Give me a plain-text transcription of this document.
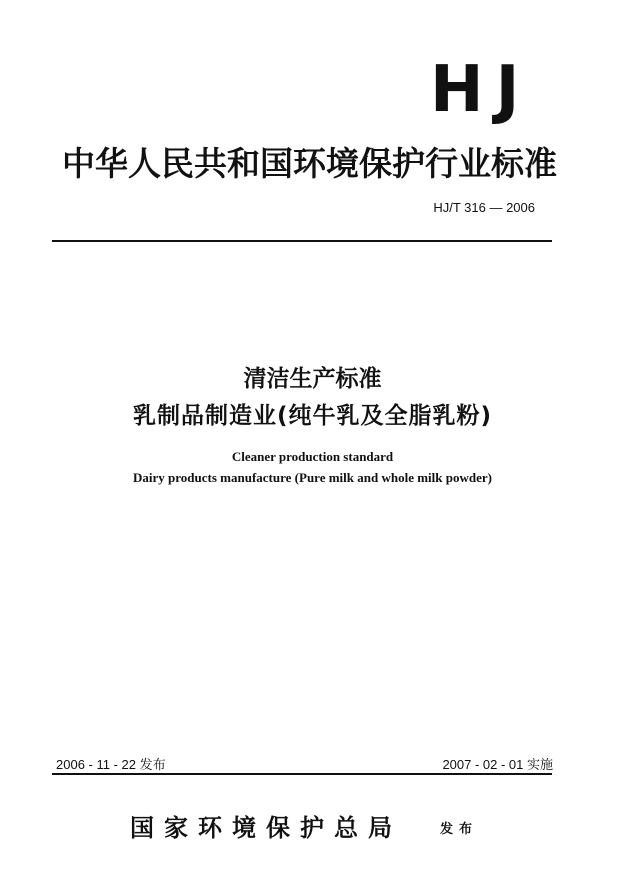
HJ
中华人民共和国环境保护行业标准
HJ/T 316 — 2006
清洁生产标准
乳制品制造业(纯牛乳及全脂乳粉)
Cleaner production standard
Dairy products manufacture (Pure milk and whole milk powder)
2006 - 11 - 22 发布	2007 - 02 - 01 实施
国家环境保护总局	发布
